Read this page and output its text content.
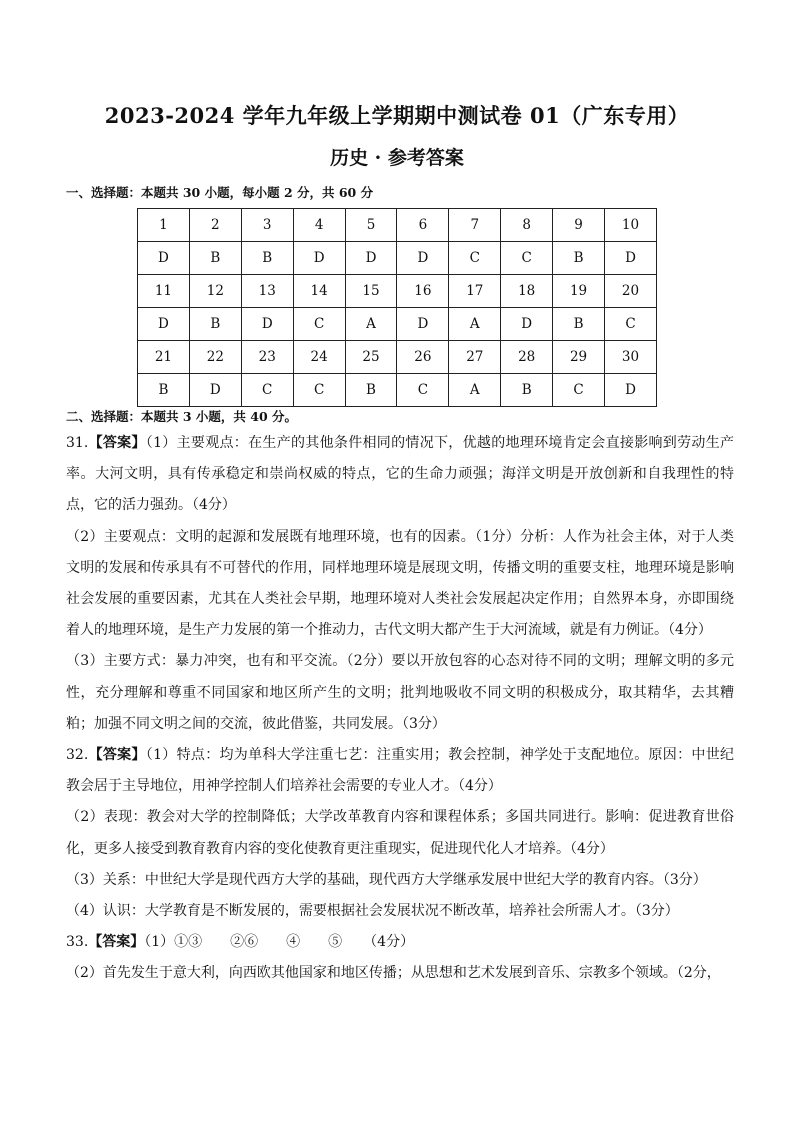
2023-2024 学年九年级上学期期中测试卷 01（广东专用）
历史 · 参考答案
一、选择题：本题共 30 小题，每小题 2 分，共 60 分
1	2	3	4	5	6	7	8	9	10
D	B	B	D	D	D	C	C	B	D
11	12	13	14	15	16	17	18	19	20
D	B	D	C	A	D	A	D	B	C
21	22	23	24	25	26	27	28	29	30
B	D	C	C	B	C	A	B	C	D
二、选择题：本题共 3 小题，共 40 分。

31.【答案】（1）主要观点：在生产的其他条件相同的情况下，优越的地理环境肯定会直接影响到劳动生产率。大河文明，具有传承稳定和崇尚权威的特点，它的生命力顽强；海洋文明是开放创新和自我理性的特点，它的活力强劲。（4分）

（2）主要观点：文明的起源和发展既有地理环境，也有的因素。（1分）分析：人作为社会主体，对于人类文明的发展和传承具有不可替代的作用，同样地理环境是展现文明，传播文明的重要支柱，地理环境是影响社会发展的重要因素，尤其在人类社会早期，地理环境对人类社会发展起决定作用；自然界本身，亦即围绕着人的地理环境，是生产力发展的第一个推动力，古代文明大都产生于大河流域，就是有力例证。（4分）

（3）主要方式：暴力冲突，也有和平交流。（2分）要以开放包容的心态对待不同的文明；理解文明的多元性，充分理解和尊重不同国家和地区所产生的文明；批判地吸收不同文明的积极成分，取其精华，去其糟粕；加强不同文明之间的交流，彼此借鉴，共同发展。（3分）

32.【答案】（1）特点：均为单科大学注重七艺：注重实用；教会控制，神学处于支配地位。原因：中世纪教会居于主导地位，用神学控制人们培养社会需要的专业人才。（4分）

（2）表现：教会对大学的控制降低；大学改革教育内容和课程体系；多国共同进行。影响：促进教育世俗化，更多人接受到教育教育内容的变化使教育更注重现实，促进现代化人才培养。（4分）

（3）关系：中世纪大学是现代西方大学的基础，现代西方大学继承发展中世纪大学的教育内容。（3分）

（4）认识：大学教育是不断发展的，需要根据社会发展状况不断改革，培养社会所需人才。（3分）

33.【答案】（1）①③　　②⑥　　④　　⑤　　（4分）

（2）首先发生于意大利，向西欧其他国家和地区传播；从思想和艺术发展到音乐、宗教多个领域。（2分，
